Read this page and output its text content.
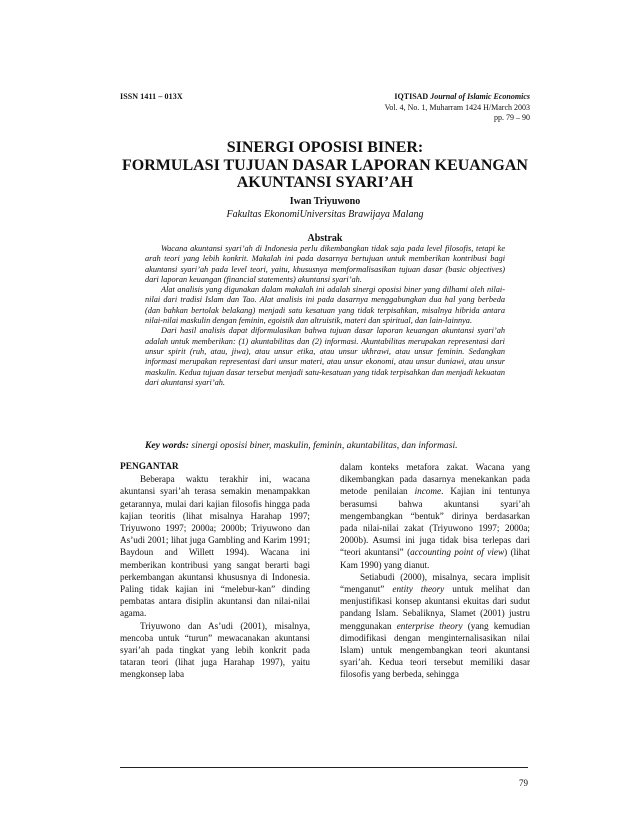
ISSN 1411 – 013X	IQTISAD Journal of Islamic Economics
Vol. 4, No. 1, Muharram 1424 H/March 2003
pp. 79 – 90
SINERGI OPOSISI BINER:
FORMULASI TUJUAN DASAR LAPORAN KEUANGAN
AKUNTANSI SYARI’AH
Iwan Triyuwono
Fakultas EkonomiUniversitas Brawijaya Malang
Abstrak

Wacana akuntansi syari’ah di Indonesia perlu dikembangkan tidak saja pada level filosofis, tetapi ke arah teori yang lebih konkrit. Makalah ini pada dasarnya bertujuan untuk memberikan kontribusi bagi akuntansi syari’ah pada level teori, yaitu, khususnya memformalisasikan tujuan dasar (basic objectives) dari laporan keuangan (financial statements) akuntansi syari’ah.

Alat analisis yang digunakan dalam makalah ini adalah sinergi oposisi biner yang dilhami oleh nilai-nilai dari tradisi Islam dan Tao. Alat analisis ini pada dasarnya menggabungkan dua hal yang berbeda (dan bahkan bertolak belakang) menjadi satu kesatuan yang tidak terpisahkan, misalnya hibrida antara nilai-nilai maskulin dengan feminin, egoistik dan altruistik, materi dan spiritual, dan lain-lainnya.

Dari hasil analisis dapat diformulasikan bahwa tujuan dasar laporan keuangan akuntansi syari’ah adalah untuk memberikan: (1) akuntabilitas dan (2) informasi. Akuntabilitas merupakan representasi dari unsur spirit (ruh, atau, jiwa), atau unsur etika, atau unsur ukhrawi, atau unsur feminin. Sedangkan informasi merupakan representasi dari unsur materi, atau unsur ekonomi, atau unsur duniawi, atau unsur maskulin. Kedua tujuan dasar tersebut menjadi satu-kesatuan yang tidak terpisahkan dan menjadi kekuatan dari akuntansi syari’ah.

Key words: sinergi oposisi biner, maskulin, feminin, akuntabilitas, dan informasi.
PENGANTAR

Beberapa waktu terakhir ini, wacana akuntansi syari’ah terasa semakin menampakkan getarannya, mulai dari kajian filosofis hingga pada kajian teoritis (lihat misalnya Harahap 1997; Triyuwono 1997; 2000a; 2000b; Triyuwono dan As’udi 2001; lihat juga Gambling and Karim 1991; Baydoun and Willett 1994). Wacana ini memberikan kontribusi yang sangat berarti bagi perkembangan akuntansi khususnya di Indonesia. Paling tidak kajian ini “melebur-kan” dinding pembatas antara disiplin akuntansi dan nilai-nilai agama.

Triyuwono dan As’udi (2001), misalnya, mencoba untuk “turun” mewacanakan akuntansi syari’ah pada tingkat yang lebih konkrit pada tataran teori (lihat juga Harahap 1997), yaitu mengkonsep laba

dalam konteks metafora zakat. Wacana yang dikembangkan pada dasarnya menekankan pada metode penilaian income. Kajian ini tentunya berasumsi bahwa akuntansi syari’ah mengembangkan “bentuk” dirinya berdasarkan pada nilai-nilai zakat (Triyuwono 1997; 2000a; 2000b). Asumsi ini juga tidak bisa terlepas dari “teori akuntansi” (accounting point of view) (lihat Kam 1990) yang dianut.

Setiabudi (2000), misalnya, secara implisit “menganut” entity theory untuk melihat dan menjustifikasi konsep akuntansi ekuitas dari sudut pandang Islam. Sebaliknya, Slamet (2001) justru menggunakan enterprise theory (yang kemudian dimodifikasi dengan menginternalisasikan nilai Islam) untuk mengembangkan teori akuntansi syari’ah. Kedua teori tersebut memiliki dasar filosofis yang berbeda, sehingga

79
